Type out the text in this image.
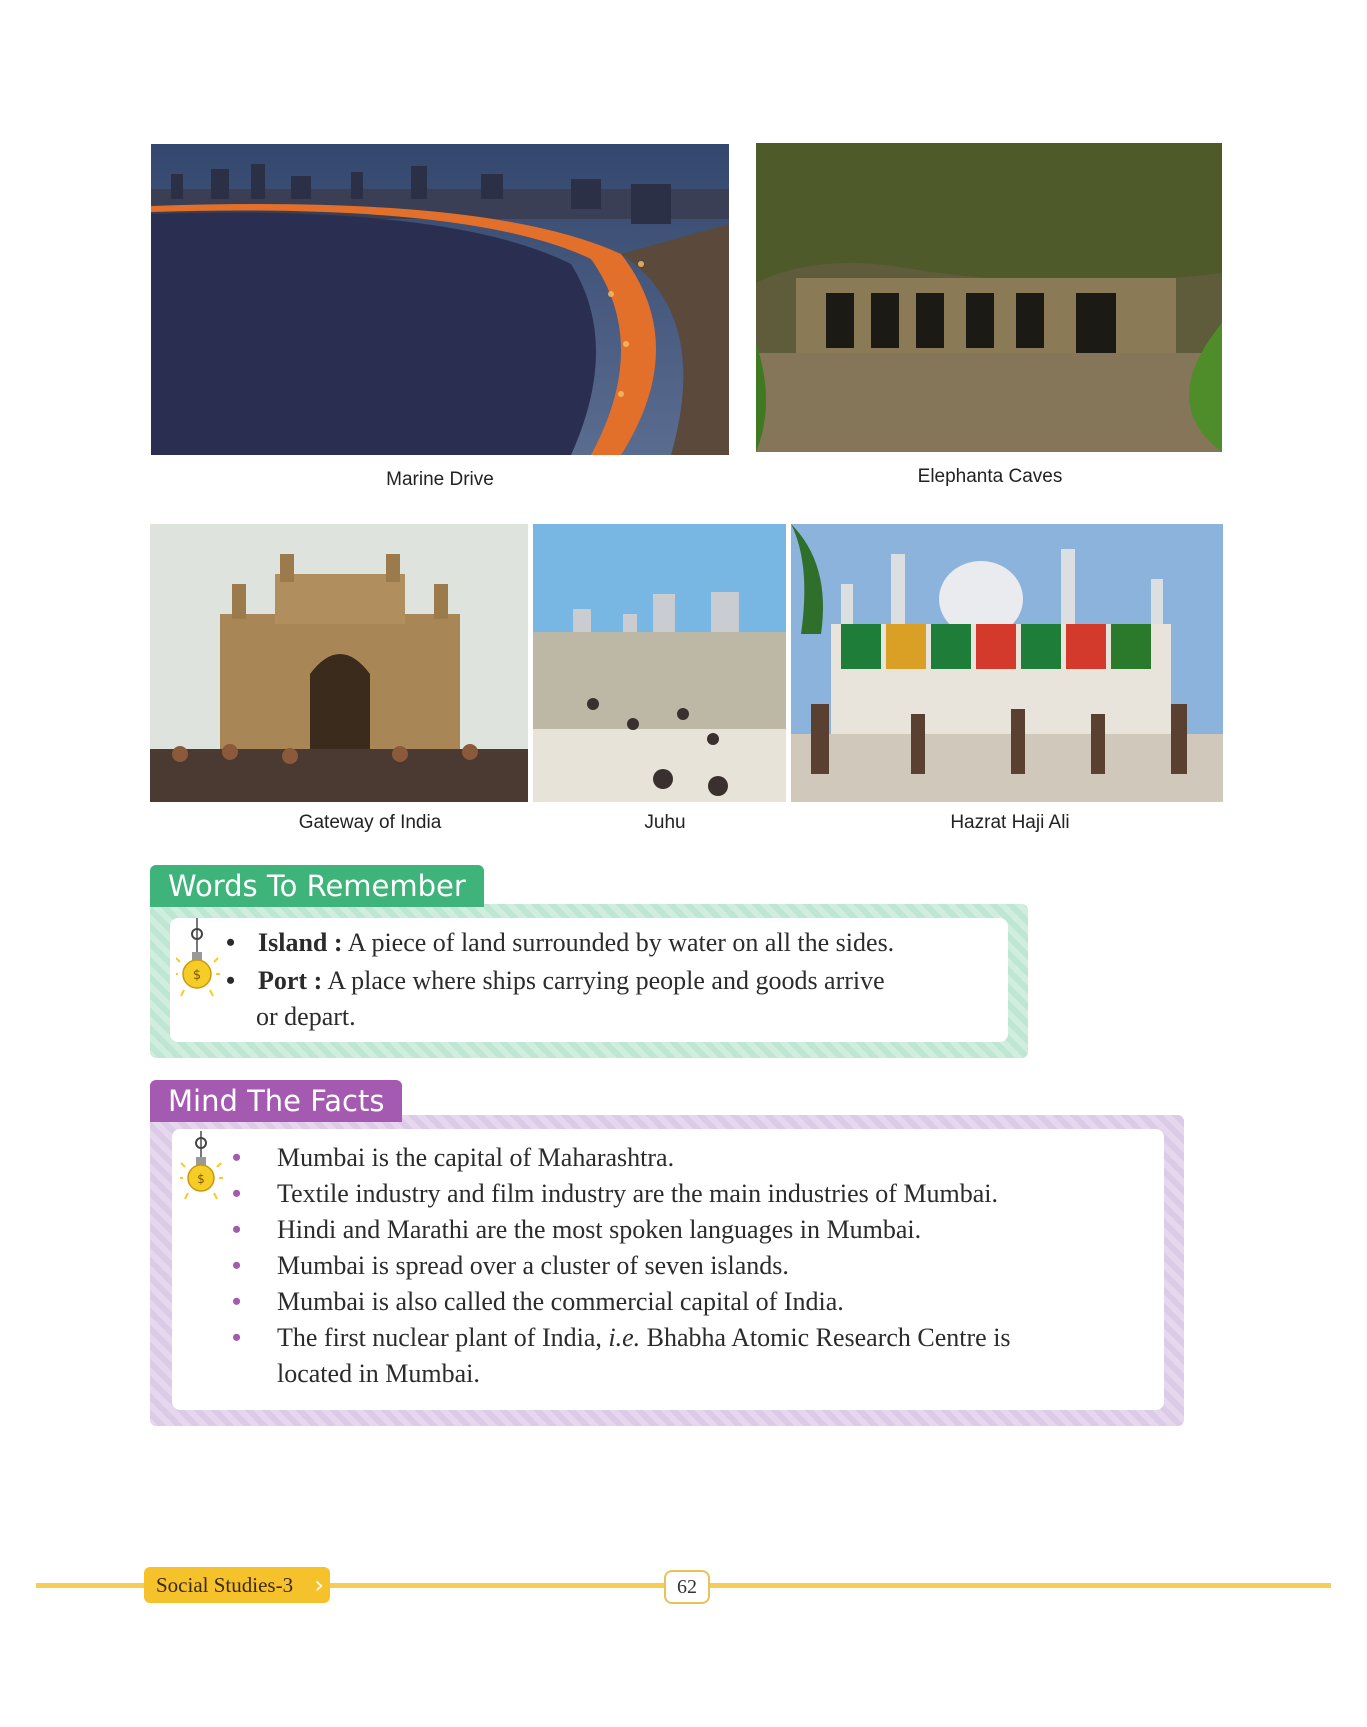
Marine Drive	Elephanta Caves
Gateway of India	Juhu	Hazrat Haji Ali
Words To Remember
$
• Island : A piece of land surrounded by water on all the sides.
• Port : A place where ships carrying people and goods arrive
or depart.
Mind The Facts
$
• Mumbai is the capital of Maharashtra.
• Textile industry and film industry are the main industries of Mumbai.
• Hindi and Marathi are the most spoken languages in Mumbai.
• Mumbai is spread over a cluster of seven islands.
• Mumbai is also called the commercial capital of India.
• The first nuclear plant of India, i.e. Bhabha Atomic Research Centre is
located in Mumbai.
Social Studies-3 ›	62
